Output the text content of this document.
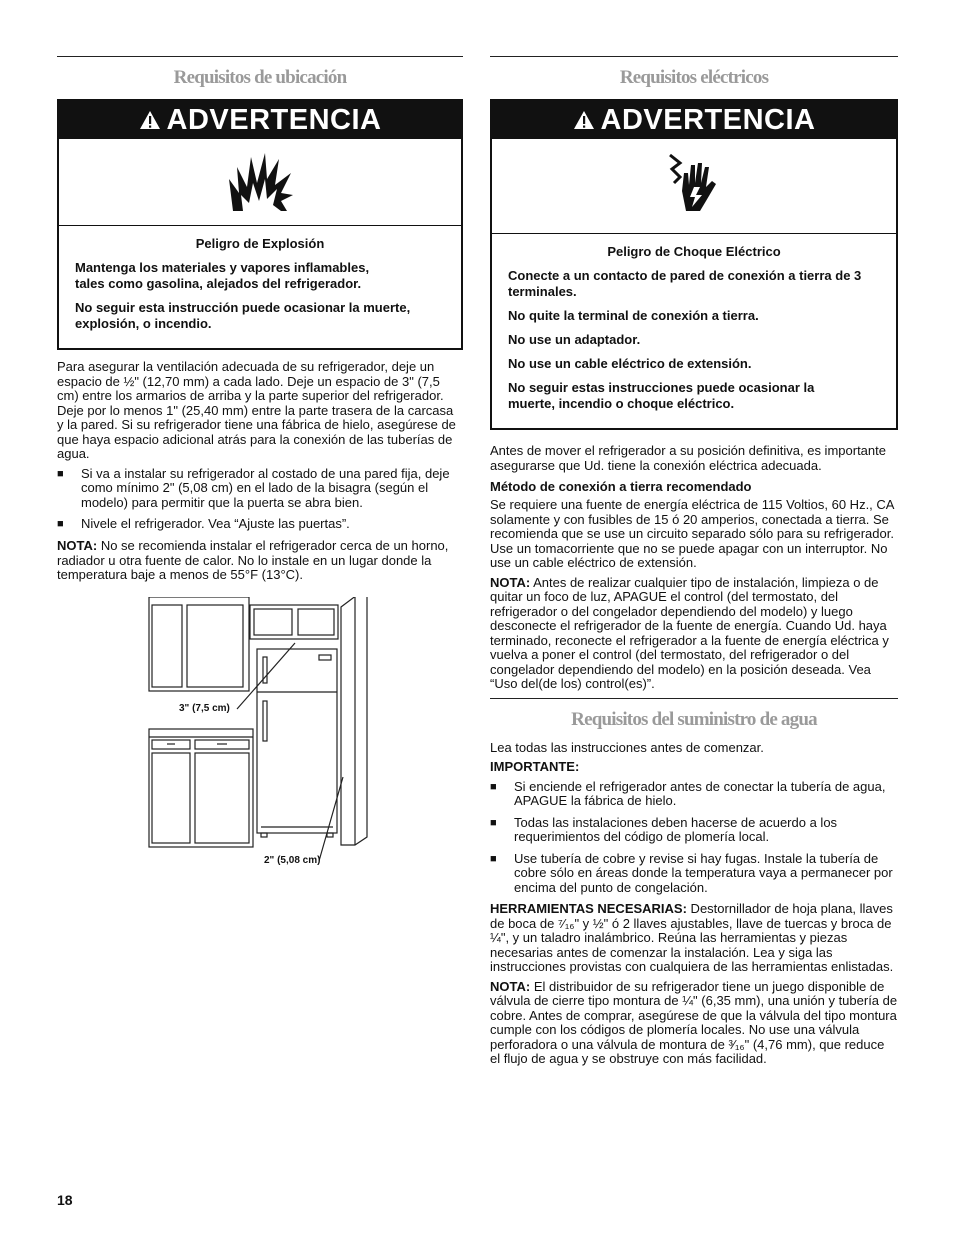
Requisitos de ubicación
ADVERTENCIA

Peligro de Explosión

Mantenga los materiales y vapores inflamables, tales como gasolina, alejados del refrigerador.

No seguir esta instrucción puede ocasionar la muerte, explosión, o incendio.

Para asegurar la ventilación adecuada de su refrigerador, deje un espacio de ½" (12,70 mm) a cada lado. Deje un espacio de 3" (7,5 cm) entre los armarios de arriba y la parte superior del refrigerador. Deje por lo menos 1" (25,40 mm) entre la parte trasera de la carcasa y la pared. Si su refrigerador tiene una fábrica de hielo, asegúrese de que haya espacio adicional atrás para la conexión de las tuberías de agua.

■	Si va a instalar su refrigerador al costado de una pared fija, deje como mínimo 2" (5,08 cm) en el lado de la bisagra (según el modelo) para permitir que la puerta se abra bien.
■	Nivele el refrigerador. Vea “Ajuste las puertas”.

NOTA: No se recomienda instalar el refrigerador cerca de un horno, radiador u otra fuente de calor. No lo instale en un lugar donde la temperatura baje a menos de 55°F (13°C).

3" (7,5 cm)
2" (5,08 cm)
Requisitos eléctricos
ADVERTENCIA

Peligro de Choque Eléctrico

Conecte a un contacto de pared de conexión a tierra de 3 terminales.

No quite la terminal de conexión a tierra.

No use un adaptador.

No use un cable eléctrico de extensión.

No seguir estas instrucciones puede ocasionar la muerte, incendio o choque eléctrico.

Antes de mover el refrigerador a su posición definitiva, es importante asegurarse que Ud. tiene la conexión eléctrica adecuada.

Método de conexión a tierra recomendado

Se requiere una fuente de energía eléctrica de 115 Voltios, 60 Hz., CA solamente y con fusibles de 15 ó 20 amperios, conectada a tierra. Se recomienda que se use un circuito separado sólo para su refrigerador. Use un tomacorriente que no se puede apagar con un interruptor. No use un cable eléctrico de extensión.

NOTA: Antes de realizar cualquier tipo de instalación, limpieza o de quitar un foco de luz, APAGUE el control (del termostato, del refrigerador o del congelador dependiendo del modelo) y luego desconecte el refrigerador de la fuente de energía. Cuando Ud. haya terminado, reconecte el refrigerador a la fuente de energía eléctrica y vuelva a poner el control (del termostato, del refrigerador o del congelador dependiendo del modelo) en la posición deseada. Vea “Uso del(de los) control(es)”.

Requisitos del suministro de agua

Lea todas las instrucciones antes de comenzar.

IMPORTANTE:

■	Si enciende el refrigerador antes de conectar la tubería de agua, APAGUE la fábrica de hielo.
■	Todas las instalaciones deben hacerse de acuerdo a los requerimientos del código de plomería local.
■	Use tubería de cobre y revise si hay fugas. Instale la tubería de cobre sólo en áreas donde la temperatura vaya a permanecer por encima del punto de congelación.

HERRAMIENTAS NECESARIAS: Destornillador de hoja plana, llaves de boca de ⁷⁄₁₆" y ½" ó 2 llaves ajustables, llave de tuercas y broca de ¼", y un taladro inalámbrico. Reúna las herramientas y piezas necesarias antes de comenzar la instalación. Lea y siga las instrucciones provistas con cualquiera de las herramientas enlistadas.

NOTA: El distribuidor de su refrigerador tiene un juego disponible de válvula de cierre tipo montura de ¼" (6,35 mm), una unión y tubería de cobre. Antes de comprar, asegúrese de que la válvula del tipo montura cumple con los códigos de plomería locales. No use una válvula perforadora o una válvula de montura de ³⁄₁₆" (4,76 mm), que reduce el flujo de agua y se obstruye con más facilidad.

18
